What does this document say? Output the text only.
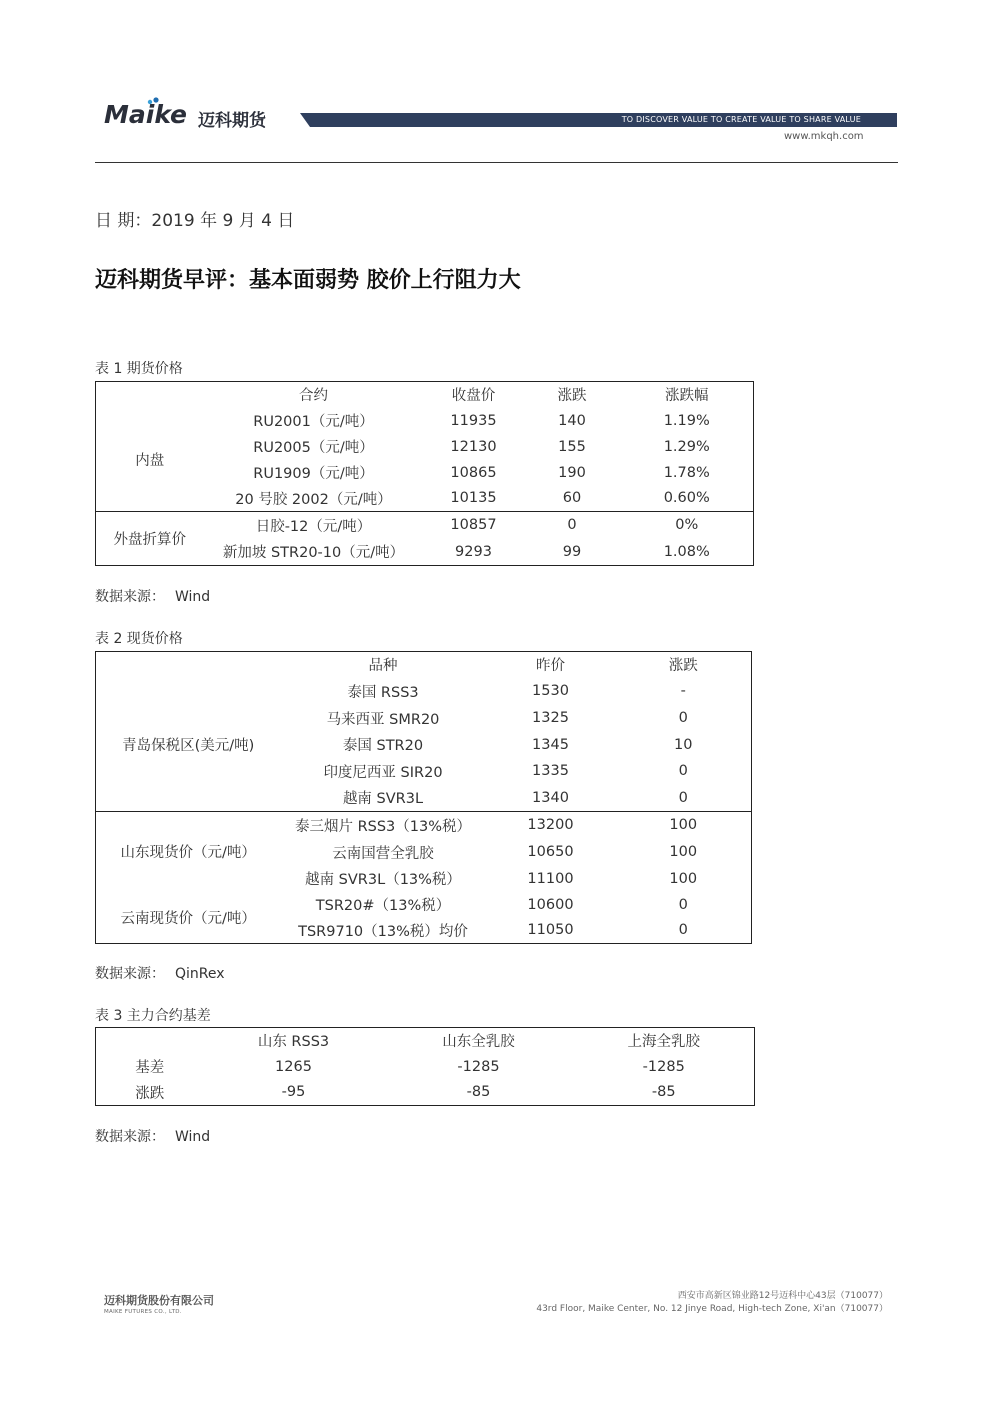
Maike 迈科期货	TO DISCOVER VALUE TO CREATE VALUE TO SHARE VALUE
www.mkqh.com
日 期：2019 年 9 月 4 日
迈科期货早评：基本面弱势 胶价上行阻力大
表 1 期货价格
	合约	收盘价	涨跌	涨跌幅
内盘	RU2001（元/吨）	11935	140	1.19%
	RU2005（元/吨）	12130	155	1.29%
	RU1909（元/吨）	10865	190	1.78%
	20 号胶 2002（元/吨）	10135	60	0.60%
外盘折算价	日胶-12（元/吨）	10857	0	0%
	新加坡 STR20-10（元/吨）	9293	99	1.08%
数据来源： Wind
表 2 现货价格
	品种	昨价	涨跌
青岛保税区(美元/吨)	泰国 RSS3	1530	-
	马来西亚 SMR20	1325	0
	泰国 STR20	1345	10
	印度尼西亚 SIR20	1335	0
	越南 SVR3L	1340	0
山东现货价（元/吨）	泰三烟片 RSS3（13%税）	13200	100
	云南国营全乳胶	10650	100
	越南 SVR3L（13%税）	11100	100
云南现货价（元/吨）	TSR20#（13%税）	10600	0
	TSR9710（13%税）均价	11050	0
数据来源： QinRex
表 3 主力合约基差
	山东 RSS3	山东全乳胶	上海全乳胶
基差	1265	-1285	-1285
涨跌	-95	-85	-85
数据来源： Wind
迈科期货股份有限公司
MAIKE FUTURES CO., LTD.
西安市高新区锦业路12号迈科中心43层（710077）
43rd Floor, Maike Center, No. 12 Jinye Road, High-tech Zone, Xi'an（710077）
